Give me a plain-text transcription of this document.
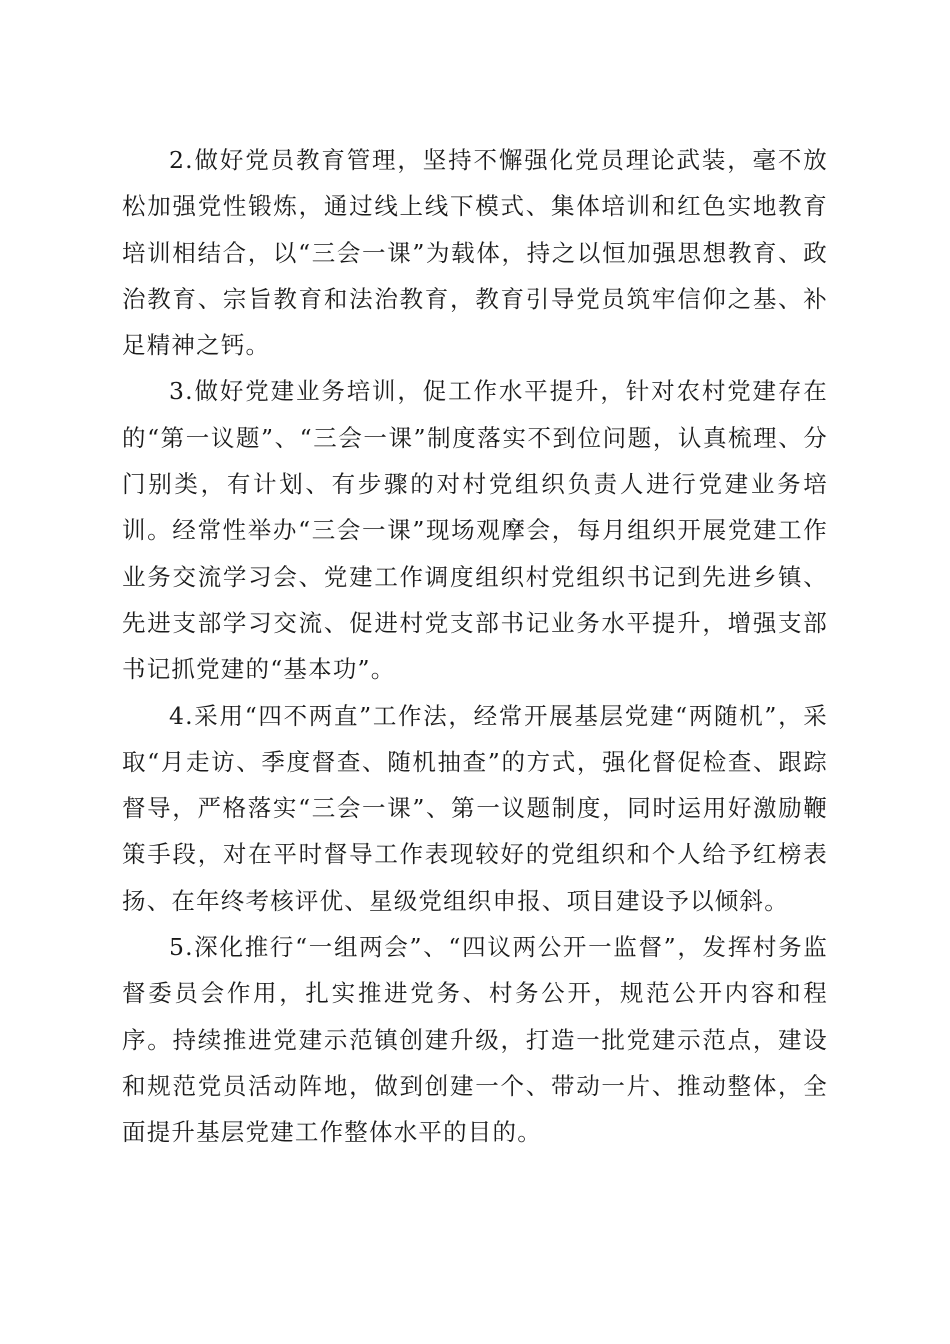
2.做好党员教育管理，坚持不懈强化党员理论武装，毫不放松加强党性锻炼，通过线上线下模式、集体培训和红色实地教育培训相结合，以“三会一课”为载体，持之以恒加强思想教育、政治教育、宗旨教育和法治教育，教育引导党员筑牢信仰之基、补足精神之钙。

3.做好党建业务培训，促工作水平提升，针对农村党建存在的“第一议题”、“三会一课”制度落实不到位问题，认真梳理、分门别类，有计划、有步骤的对村党组织负责人进行党建业务培训。经常性举办“三会一课”现场观摩会，每月组织开展党建工作业务交流学习会、党建工作调度组织村党组织书记到先进乡镇、先进支部学习交流、促进村党支部书记业务水平提升，增强支部书记抓党建的“基本功”。

4.采用“四不两直”工作法，经常开展基层党建“两随机”，采取“月走访、季度督查、随机抽查”的方式，强化督促检查、跟踪督导，严格落实“三会一课”、第一议题制度，同时运用好激励鞭策手段，对在平时督导工作表现较好的党组织和个人给予红榜表扬、在年终考核评优、星级党组织申报、项目建设予以倾斜。

5.深化推行“一组两会”、“四议两公开一监督”，发挥村务监督委员会作用，扎实推进党务、村务公开，规范公开内容和程序。持续推进党建示范镇创建升级，打造一批党建示范点，建设和规范党员活动阵地，做到创建一个、带动一片、推动整体，全面提升基层党建工作整体水平的目的。
